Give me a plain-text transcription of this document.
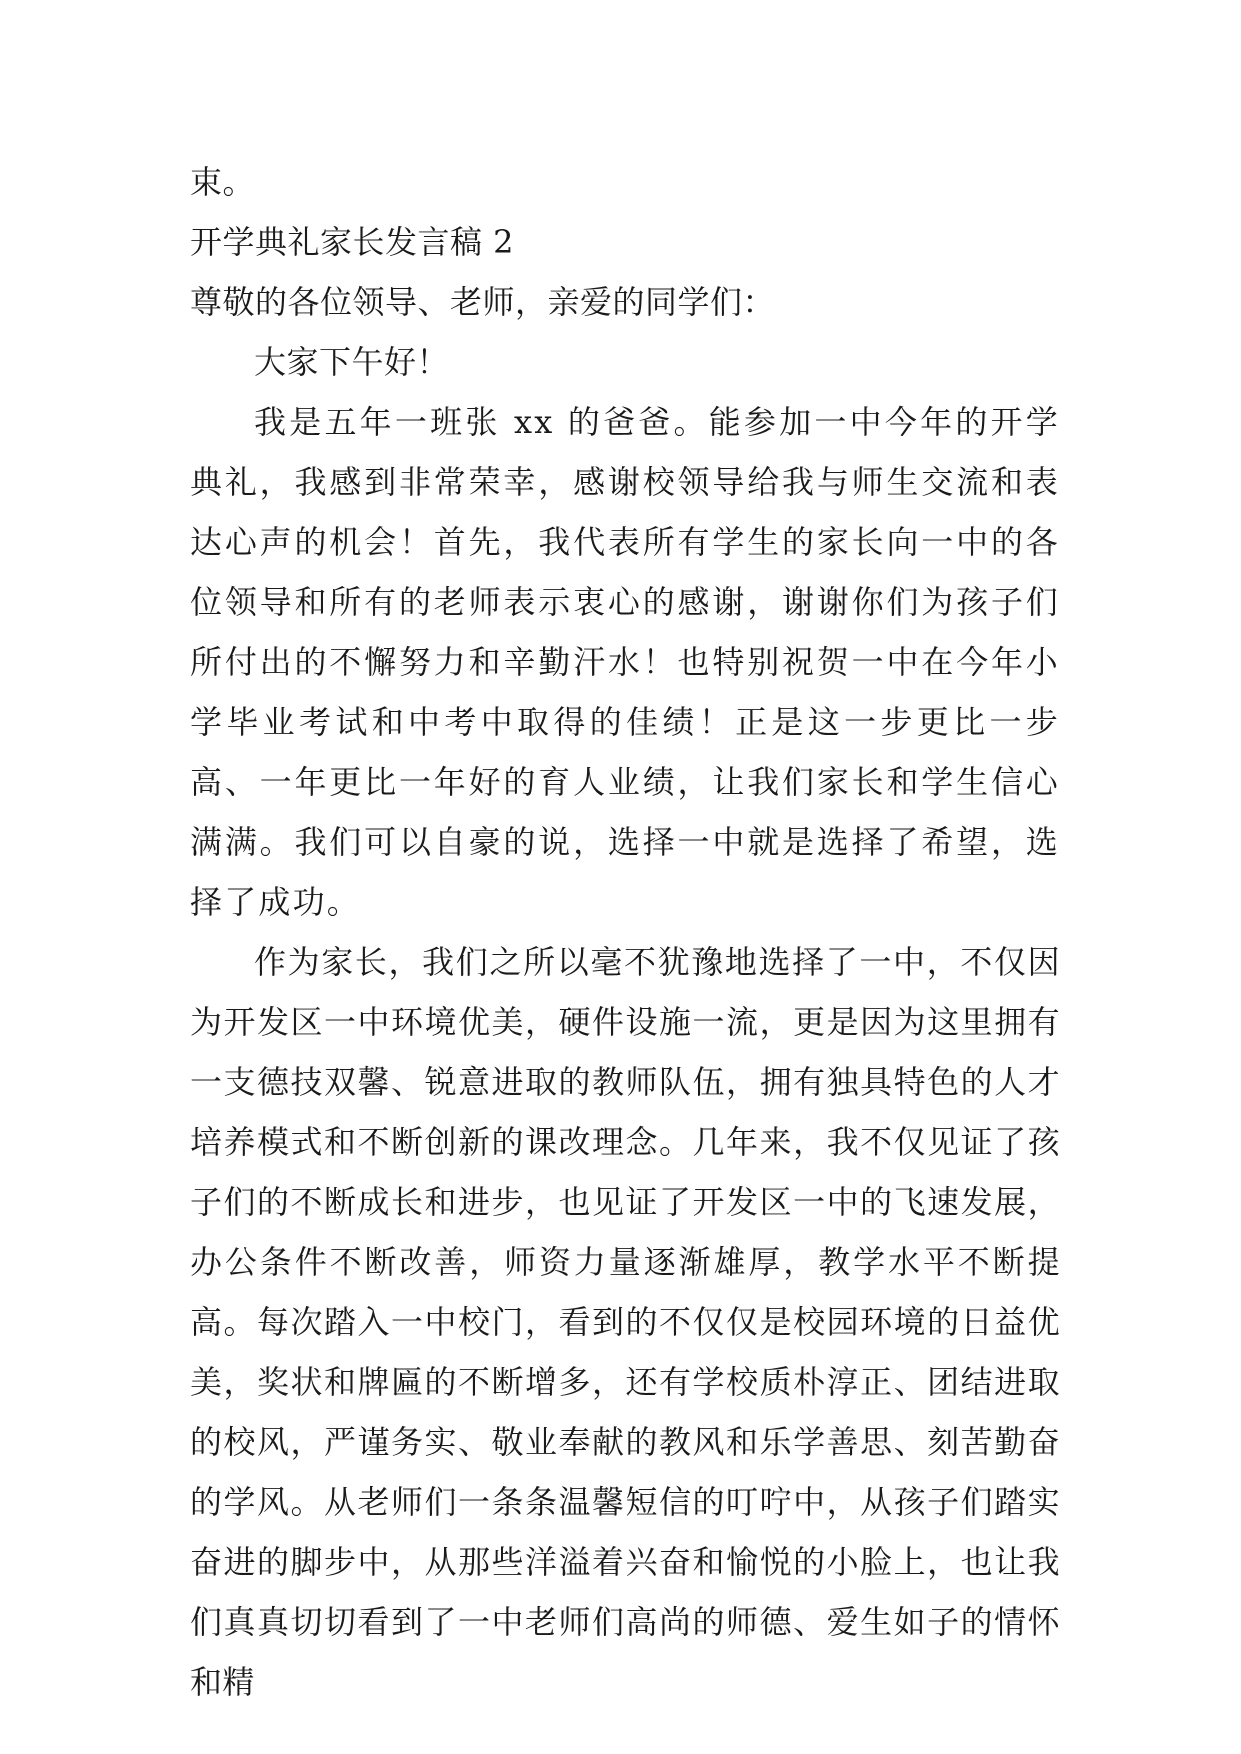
束。

开学典礼家长发言稿 2

尊敬的各位领导、老师，亲爱的同学们：

大家下午好！

我是五年一班张 xx 的爸爸。能参加一中今年的开学典礼，我感到非常荣幸，感谢校领导给我与师生交流和表达心声的机会！首先，我代表所有学生的家长向一中的各位领导和所有的老师表示衷心的感谢，谢谢你们为孩子们所付出的不懈努力和辛勤汗水！也特别祝贺一中在今年小学毕业考试和中考中取得的佳绩！正是这一步更比一步高、一年更比一年好的育人业绩，让我们家长和学生信心满满。我们可以自豪的说，选择一中就是选择了希望，选择了成功。

作为家长，我们之所以毫不犹豫地选择了一中，不仅因为开发区一中环境优美，硬件设施一流，更是因为这里拥有一支德技双馨、锐意进取的教师队伍，拥有独具特色的人才培养模式和不断创新的课改理念。几年来，我不仅见证了孩子们的不断成长和进步，也见证了开发区一中的飞速发展，办公条件不断改善，师资力量逐渐雄厚，教学水平不断提高。每次踏入一中校门，看到的不仅仅是校园环境的日益优美，奖状和牌匾的不断增多，还有学校质朴淳正、团结进取的校风，严谨务实、敬业奉献的教风和乐学善思、刻苦勤奋的学风。从老师们一条条温馨短信的叮咛中，从孩子们踏实奋进的脚步中，从那些洋溢着兴奋和愉悦的小脸上，也让我们真真切切看到了一中老师们高尚的师德、爱生如子的情怀和精
